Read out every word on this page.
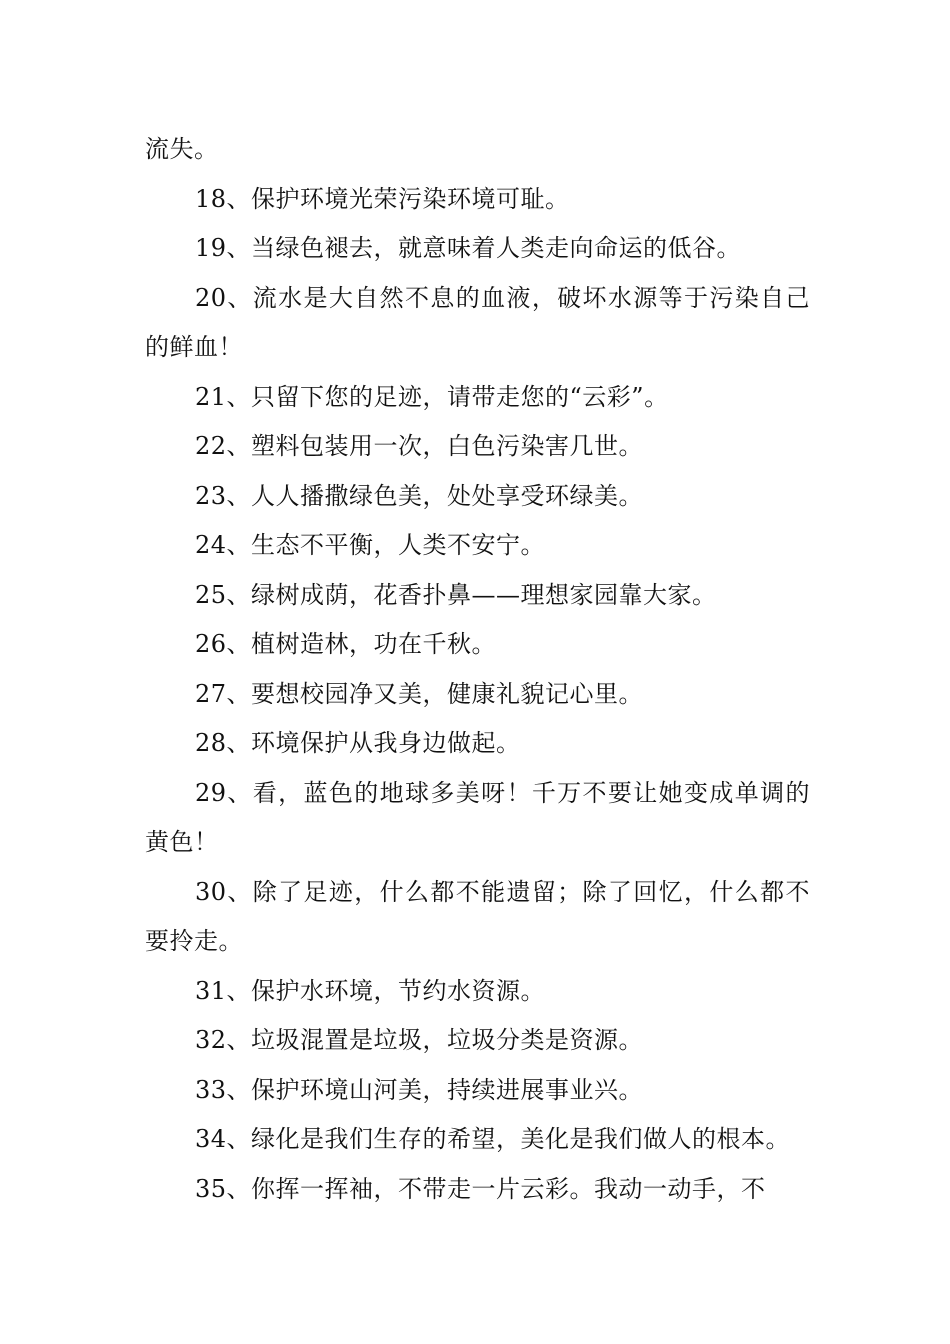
流失。

18、保护环境光荣污染环境可耻。

19、当绿色褪去，就意味着人类走向命运的低谷。

20、流水是大自然不息的血液，破坏水源等于污染自己的鲜血！

21、只留下您的足迹，请带走您的“云彩”。

22、塑料包装用一次，白色污染害几世。

23、人人播撒绿色美，处处享受环绿美。

24、生态不平衡，人类不安宁。

25、绿树成荫，花香扑鼻——理想家园靠大家。

26、植树造林，功在千秋。

27、要想校园净又美，健康礼貌记心里。

28、环境保护从我身边做起。

29、看，蓝色的地球多美呀！千万不要让她变成单调的黄色！

30、除了足迹，什么都不能遗留；除了回忆，什么都不要拎走。

31、保护水环境，节约水资源。

32、垃圾混置是垃圾，垃圾分类是资源。

33、保护环境山河美，持续进展事业兴。

34、绿化是我们生存的希望，美化是我们做人的根本。

35、你挥一挥袖，不带走一片云彩。我动一动手，不
